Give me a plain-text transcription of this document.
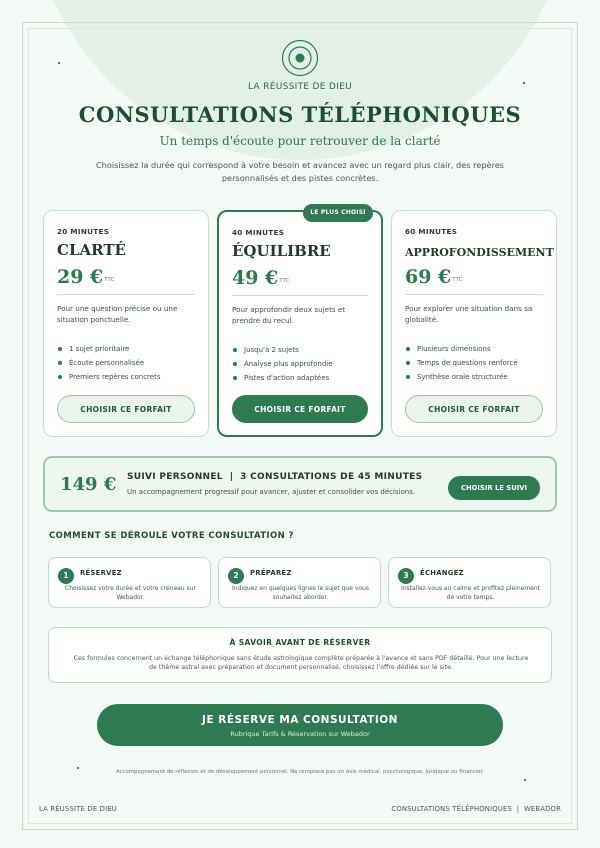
LA RÉUSSITE DE DIEU
CONSULTATIONS TÉLÉPHONIQUES
Un temps d'écoute pour retrouver de la clarté
Choisissez la durée qui correspond à votre besoin et avancez avec un regard plus clair, des repères personnalisés et des pistes concrètes.
20 MINUTES
CLARTÉ
29 €TTC
Pour une question précise ou une situation ponctuelle.
1 sujet prioritaire
Écoute personnalisée
Premiers repères concrets
CHOISIR CE FORFAIT
40 MINUTES
ÉQUILIBRE
49 €TTC
Pour approfondir deux sujets et prendre du recul.
Jusqu'à 2 sujets
Analyse plus approfondie
Pistes d'action adaptées
CHOISIR CE FORFAIT
LE PLUS CHOISI
60 MINUTES
APPROFONDISSEMENT
69 €TTC
Pour explorer une situation dans sa globalité.
Plusieurs dimensions
Temps de questions renforcé
Synthèse orale structurée
CHOISIR CE FORFAIT
149 € SUIVI PERSONNEL  |  3 CONSULTATIONS DE 45 MINUTES
Un accompagnement progressif pour avancer, ajuster et consolider vos décisions.	CHOISIR LE SUIVI
COMMENT SE DÉROULE VOTRE CONSULTATION ?
1	RÉSERVEZ
Choisissez votre durée et votre créneau sur Webador.
2	PRÉPAREZ
Indiquez en quelques lignes le sujet que vous souhaitez aborder.
3	ÉCHANGEZ
Installez-vous au calme et profitez pleinement de votre temps.
À SAVOIR AVANT DE RÉSERVER
Ces formules concernent un échange téléphonique sans étude astrologique complète préparée à l'avance et sans PDF détaillé. Pour une lecture de thème astral avec préparation et document personnalisé, choisissez l'offre dédiée sur le site.
JE RÉSERVE MA CONSULTATION
Rubrique Tarifs & Réservation sur Webador
Accompagnement de réflexion et de développement personnel. Ne remplace pas un avis médical, psychologique, juridique ou financier.
LA RÉUSSITE DE DIEU	CONSULTATIONS TÉLÉPHONIQUES  |  WEBADOR
